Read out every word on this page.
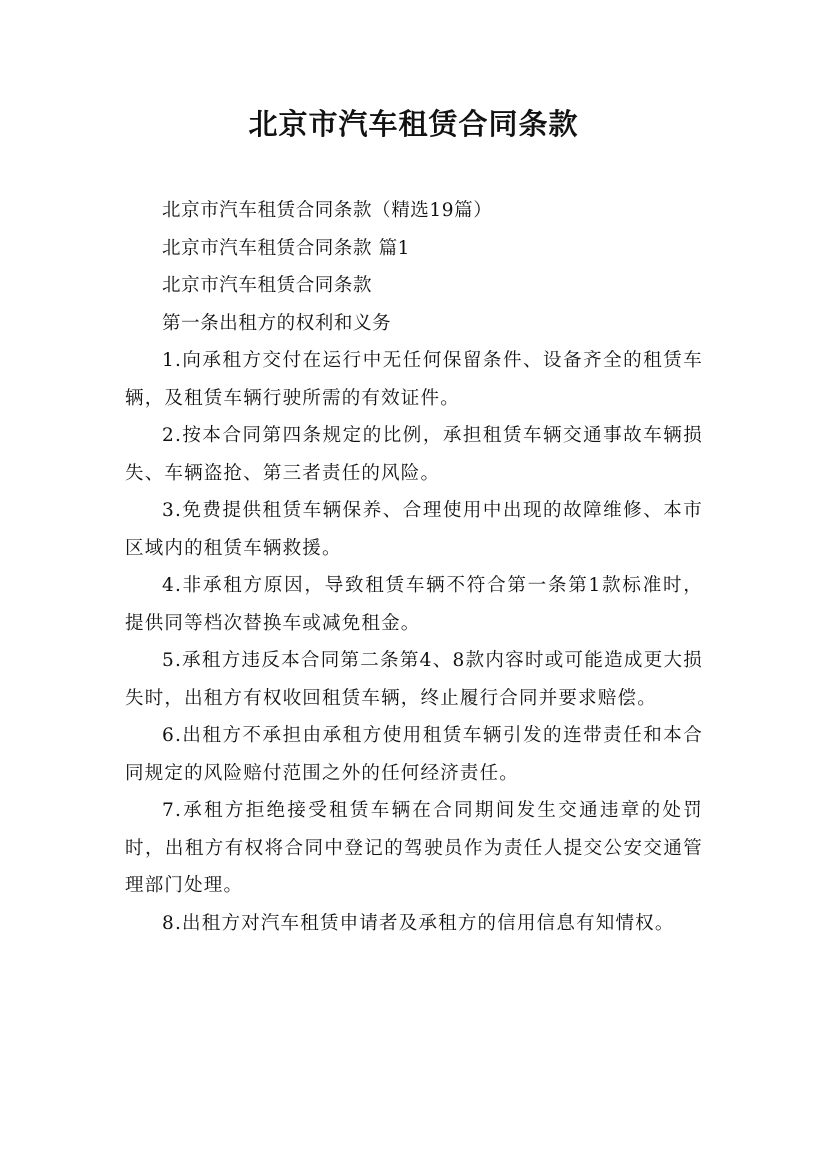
北京市汽车租赁合同条款

北京市汽车租赁合同条款（精选19篇）

北京市汽车租赁合同条款 篇1

北京市汽车租赁合同条款

第一条出租方的权利和义务

1.向承租方交付在运行中无任何保留条件、设备齐全的租赁车辆，及租赁车辆行驶所需的有效证件。

2.按本合同第四条规定的比例，承担租赁车辆交通事故车辆损失、车辆盗抢、第三者责任的风险。

3.免费提供租赁车辆保养、合理使用中出现的故障维修、本市区域内的租赁车辆救援。

4.非承租方原因，导致租赁车辆不符合第一条第1款标准时，提供同等档次替换车或减免租金。

5.承租方违反本合同第二条第4、8款内容时或可能造成更大损失时，出租方有权收回租赁车辆，终止履行合同并要求赔偿。

6.出租方不承担由承租方使用租赁车辆引发的连带责任和本合同规定的风险赔付范围之外的任何经济责任。

7.承租方拒绝接受租赁车辆在合同期间发生交通违章的处罚时，出租方有权将合同中登记的驾驶员作为责任人提交公安交通管理部门处理。

8.出租方对汽车租赁申请者及承租方的信用信息有知情权。
